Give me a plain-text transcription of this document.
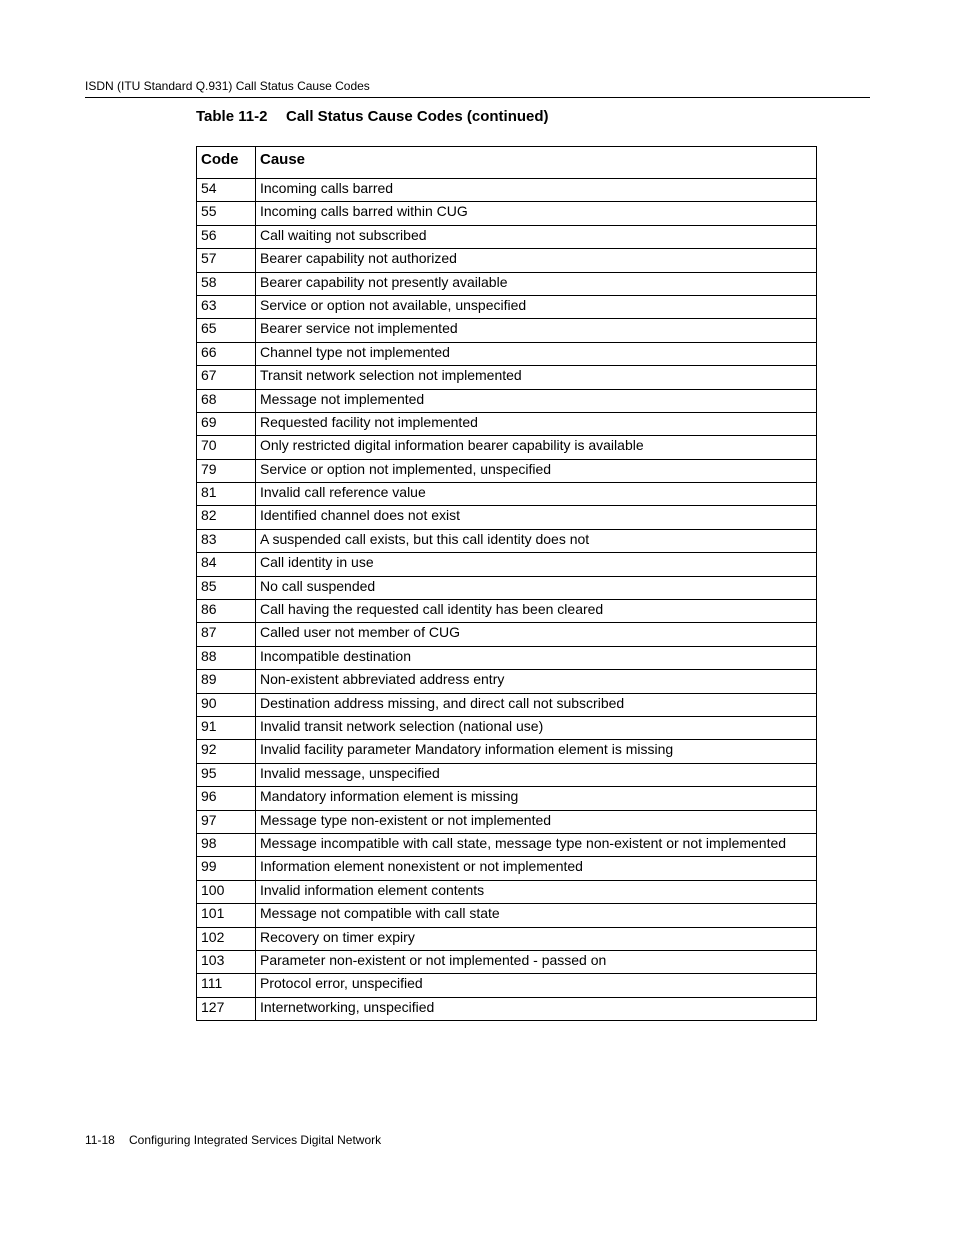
ISDN (ITU Standard Q.931) Call Status Cause Codes
Table 11-2 Call Status Cause Codes (continued)
Code	Cause
54	Incoming calls barred
55	Incoming calls barred within CUG
56	Call waiting not subscribed
57	Bearer capability not authorized
58	Bearer capability not presently available
63	Service or option not available, unspecified
65	Bearer service not implemented
66	Channel type not implemented
67	Transit network selection not implemented
68	Message not implemented
69	Requested facility not implemented
70	Only restricted digital information bearer capability is available
79	Service or option not implemented, unspecified
81	Invalid call reference value
82	Identified channel does not exist
83	A suspended call exists, but this call identity does not
84	Call identity in use
85	No call suspended
86	Call having the requested call identity has been cleared
87	Called user not member of CUG
88	Incompatible destination
89	Non-existent abbreviated address entry
90	Destination address missing, and direct call not subscribed
91	Invalid transit network selection (national use)
92	Invalid facility parameter Mandatory information element is missing
95	Invalid message, unspecified
96	Mandatory information element is missing
97	Message type non-existent or not implemented
98	Message incompatible with call state, message type non-existent or not implemented
99	Information element nonexistent or not implemented
100	Invalid information element contents
101	Message not compatible with call state
102	Recovery on timer expiry
103	Parameter non-existent or not implemented - passed on
111	Protocol error, unspecified
127	Internetworking, unspecified
11-18 Configuring Integrated Services Digital Network
